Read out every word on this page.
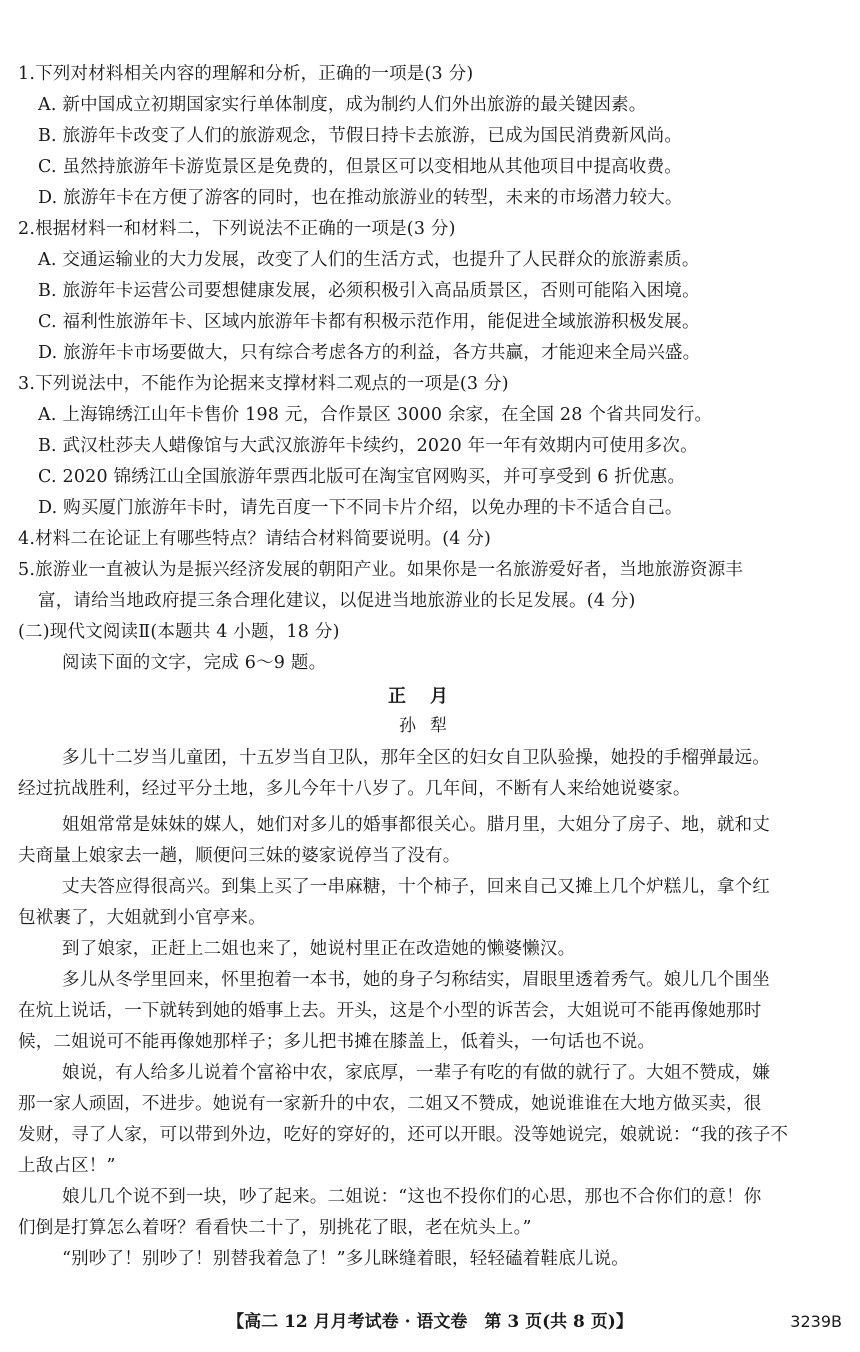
1.下列对材料相关内容的理解和分析，正确的一项是(3 分)
A. 新中国成立初期国家实行单体制度，成为制约人们外出旅游的最关键因素。
B. 旅游年卡改变了人们的旅游观念，节假日持卡去旅游，已成为国民消费新风尚。
C. 虽然持旅游年卡游览景区是免费的，但景区可以变相地从其他项目中提高收费。
D. 旅游年卡在方便了游客的同时，也在推动旅游业的转型，未来的市场潜力较大。
2.根据材料一和材料二，下列说法不正确的一项是(3 分)
A. 交通运输业的大力发展，改变了人们的生活方式，也提升了人民群众的旅游素质。
B. 旅游年卡运营公司要想健康发展，必须积极引入高品质景区，否则可能陷入困境。
C. 福利性旅游年卡、区域内旅游年卡都有积极示范作用，能促进全域旅游积极发展。
D. 旅游年卡市场要做大，只有综合考虑各方的利益，各方共赢，才能迎来全局兴盛。
3.下列说法中，不能作为论据来支撑材料二观点的一项是(3 分)
A. 上海锦绣江山年卡售价 198 元，合作景区 3000 余家，在全国 28 个省共同发行。
B. 武汉杜莎夫人蜡像馆与大武汉旅游年卡续约，2020 年一年有效期内可使用多次。
C. 2020 锦绣江山全国旅游年票西北版可在淘宝官网购买，并可享受到 6 折优惠。
D. 购买厦门旅游年卡时，请先百度一下不同卡片介绍，以免办理的卡不适合自己。
4.材料二在论证上有哪些特点？请结合材料简要说明。(4 分)
5.旅游业一直被认为是振兴经济发展的朝阳产业。如果你是一名旅游爱好者，当地旅游资源丰
富，请给当地政府提三条合理化建议，以促进当地旅游业的长足发展。(4 分)
(二)现代文阅读Ⅱ(本题共 4 小题，18 分)
阅读下面的文字，完成 6～9 题。
正月
孙犁
多儿十二岁当儿童团，十五岁当自卫队，那年全区的妇女自卫队验操，她投的手榴弹最远。
经过抗战胜利，经过平分土地，多儿今年十八岁了。几年间，不断有人来给她说婆家。
姐姐常常是妹妹的媒人，她们对多儿的婚事都很关心。腊月里，大姐分了房子、地，就和丈
夫商量上娘家去一趟，顺便问三妹的婆家说停当了没有。
丈夫答应得很高兴。到集上买了一串麻糖，十个柿子，回来自己又摊上几个炉糕儿，拿个红
包袱裹了，大姐就到小官亭来。
到了娘家，正赶上二姐也来了，她说村里正在改造她的懒婆懒汉。
多儿从冬学里回来，怀里抱着一本书，她的身子匀称结实，眉眼里透着秀气。娘儿几个围坐
在炕上说话，一下就转到她的婚事上去。开头，这是个小型的诉苦会，大姐说可不能再像她那时
候，二姐说可不能再像她那样子；多儿把书摊在膝盖上，低着头，一句话也不说。
娘说，有人给多儿说着个富裕中农，家底厚，一辈子有吃的有做的就行了。大姐不赞成，嫌
那一家人顽固，不进步。她说有一家新升的中农，二姐又不赞成，她说谁谁在大地方做买卖，很
发财，寻了人家，可以带到外边，吃好的穿好的，还可以开眼。没等她说完，娘就说：“我的孩子不
上敌占区！”
娘儿几个说不到一块，吵了起来。二姐说：“这也不投你们的心思，那也不合你们的意！你
们倒是打算怎么着呀？看看快二十了，别挑花了眼，老在炕头上。”
“别吵了！别吵了！别替我着急了！”多儿眯缝着眼，轻轻磕着鞋底儿说。
【高二 12 月月考试卷 · 语文卷　第 3 页(共 8 页)】	3239B
